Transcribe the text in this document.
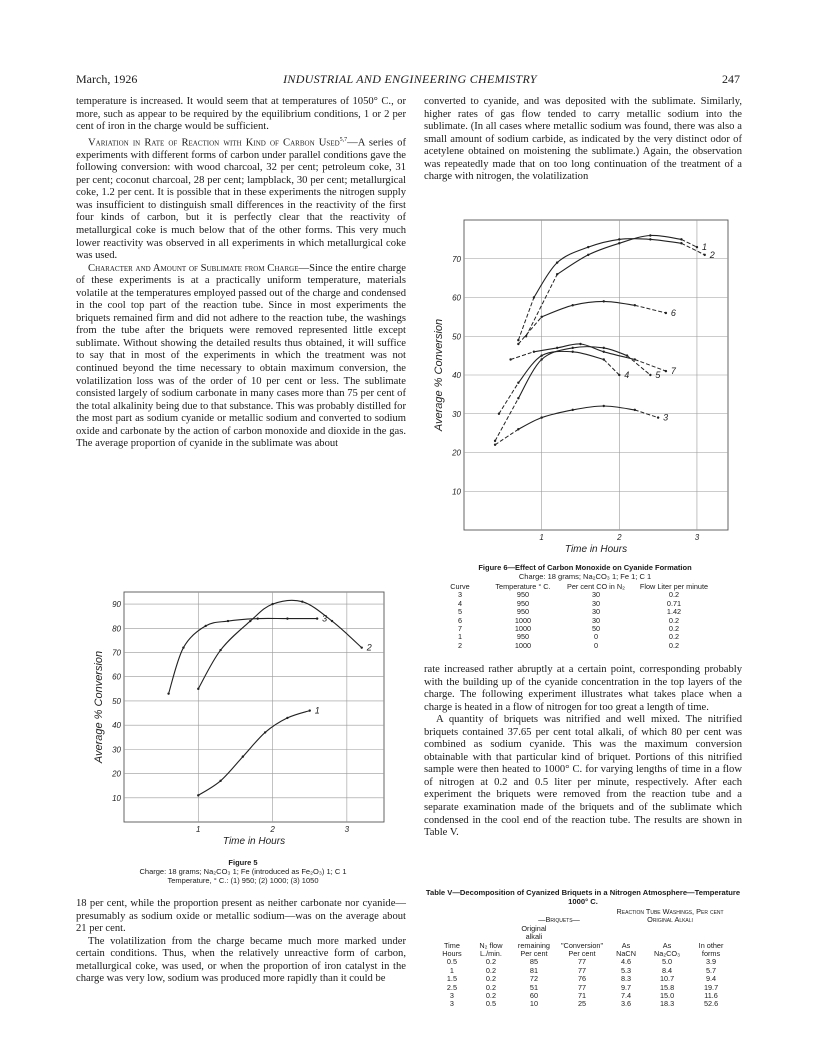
March, 1926	INDUSTRIAL AND ENGINEERING CHEMISTRY	247

temperature is increased. It would seem that at temperatures of 1050° C., or more, such as appear to be required by the equilibrium conditions, 1 or 2 per cent of iron in the charge would be sufficient.

Variation in Rate of Reaction with Kind of Carbon Used$^{5,7}$—A series of experiments with different forms of carbon under parallel conditions gave the following conversion: with wood charcoal, 32 per cent; petroleum coke, 31 per cent; coconut charcoal, 28 per cent; lampblack, 30 per cent; metallurgical coke, 1.2 per cent. It is possible that in these experiments the nitrogen supply was insufficient to distinguish small differences in the reactivity of the first four kinds of carbon, but it is perfectly clear that the reactivity of metallurgical coke is much below that of the other forms. This very much lower reactivity was observed in all experiments in which metallurgical coke was used.

Character and Amount of Sublimate from Charge—Since the entire charge of these experiments is at a practically uniform temperature, materials volatile at the temperatures employed passed out of the charge and condensed in the cool top part of the reaction tube. Since in most experiments the briquets remained firm and did not adhere to the reaction tube, the washings from the tube after the briquets were removed represented little except sublimate. Without showing the detailed results thus obtained, it will suffice to say that in most of the experiments in which the treatment was not continued beyond the time necessary to obtain maximum conversion, the volatilization loss was of the order of 10 per cent or less. The sublimate consisted largely of sodium carbonate in many cases more than 75 per cent of the total alkalinity being due to that substance. This was probably distilled for the most part as sodium cyanide or metallic sodium and converted to sodium oxide and carbonate by the action of carbon monoxide and dioxide in the gas. The average proportion of cyanide in the sublimate was about

1	2	3
10
20
30
40
50
60
70
80
90
Time in Hours
Average % Conversion	1
2
3
Figure 5
Charge: 18 grams; Na₂CO₃ 1; Fe (introduced as Fe₂O₃) 1; C 1
Temperature, ° C.: (1) 950; (2) 1000; (3) 1050

18 per cent, while the proportion present as neither carbonate nor cyanide—presumably as sodium oxide or metallic sodium—was on the average about 21 per cent.

The volatilization from the charge became much more marked under certain conditions. Thus, when the relatively unreactive form of carbon, metallurgical coke, was used, or when the proportion of iron catalyst in the charge was very low, sodium was produced more rapidly than it could be

converted to cyanide, and was deposited with the sublimate. Similarly, higher rates of gas flow tended to carry metallic sodium into the sublimate. (In all cases where metallic sodium was found, there was also a small amount of sodium carbide, as indicated by the very distinct odor of acetylene obtained on moistening the sublimate.) Again, the observation was repeatedly made that on too long continuation of the treatment of a charge with nitrogen, the volatilization

1	2	3
10
20
30
40
50
60
70
Time in Hours
Average % Conversion
1
2
3
4	5
6
7
Figure 6—Effect of Carbon Monoxide on Cyanide Formation
Charge: 18 grams; Na₂CO₃ 1; Fe 1; C 1
Curve	Temperature ° C.	Per cent CO in N₂	Flow Liter per minute
3	950	30	0.2
4	950	30	0.71
5	950	30	1.42
6	1000	30	0.2
7	1000	50	0.2
1	950	0	0.2
2	1000	0	0.2

rate increased rather abruptly at a certain point, corresponding probably with the building up of the cyanide concentration in the top layers of the charge. The following experiment illustrates what takes place when a charge is heated in a flow of nitrogen for too great a length of time.

A quantity of briquets was nitrified and well mixed. The nitrified briquets contained 37.65 per cent total alkali, of which 80 per cent was combined as sodium cyanide. This was the maximum conversion obtainable with that particular kind of briquet. Portions of this nitrified sample were then heated to 1000° C. for varying lengths of time in a flow of nitrogen at 0.2 and 0.5 liter per minute, respectively. After each experiment the briquets were removed from the reaction tube and a separate examination made of the briquets and of the sublimate which condensed in the cool end of the reaction tube. The results are shown in Table V.

Table V—Decomposition of Cyanized Briquets in a Nitrogen Atmosphere—Temperature 1000° C.
		—Briquets—		Reaction Tube Washings, Per cent Original Alkali		
Time Hours	N₂ flow L./min.	Original alkali remaining Per cent	"Conversion" Per cent	As NaCN	As Na₂CO₃	In other forms
0.5	0.2	85	77	4.6	5.0	3.9
1	0.2	81	77	5.3	8.4	5.7
1.5	0.2	72	76	8.3	10.7	9.4
2.5	0.2	51	77	9.7	15.8	19.7
3	0.2	60	71	7.4	15.0	11.6
3	0.5	10	25	3.6	18.3	52.6
